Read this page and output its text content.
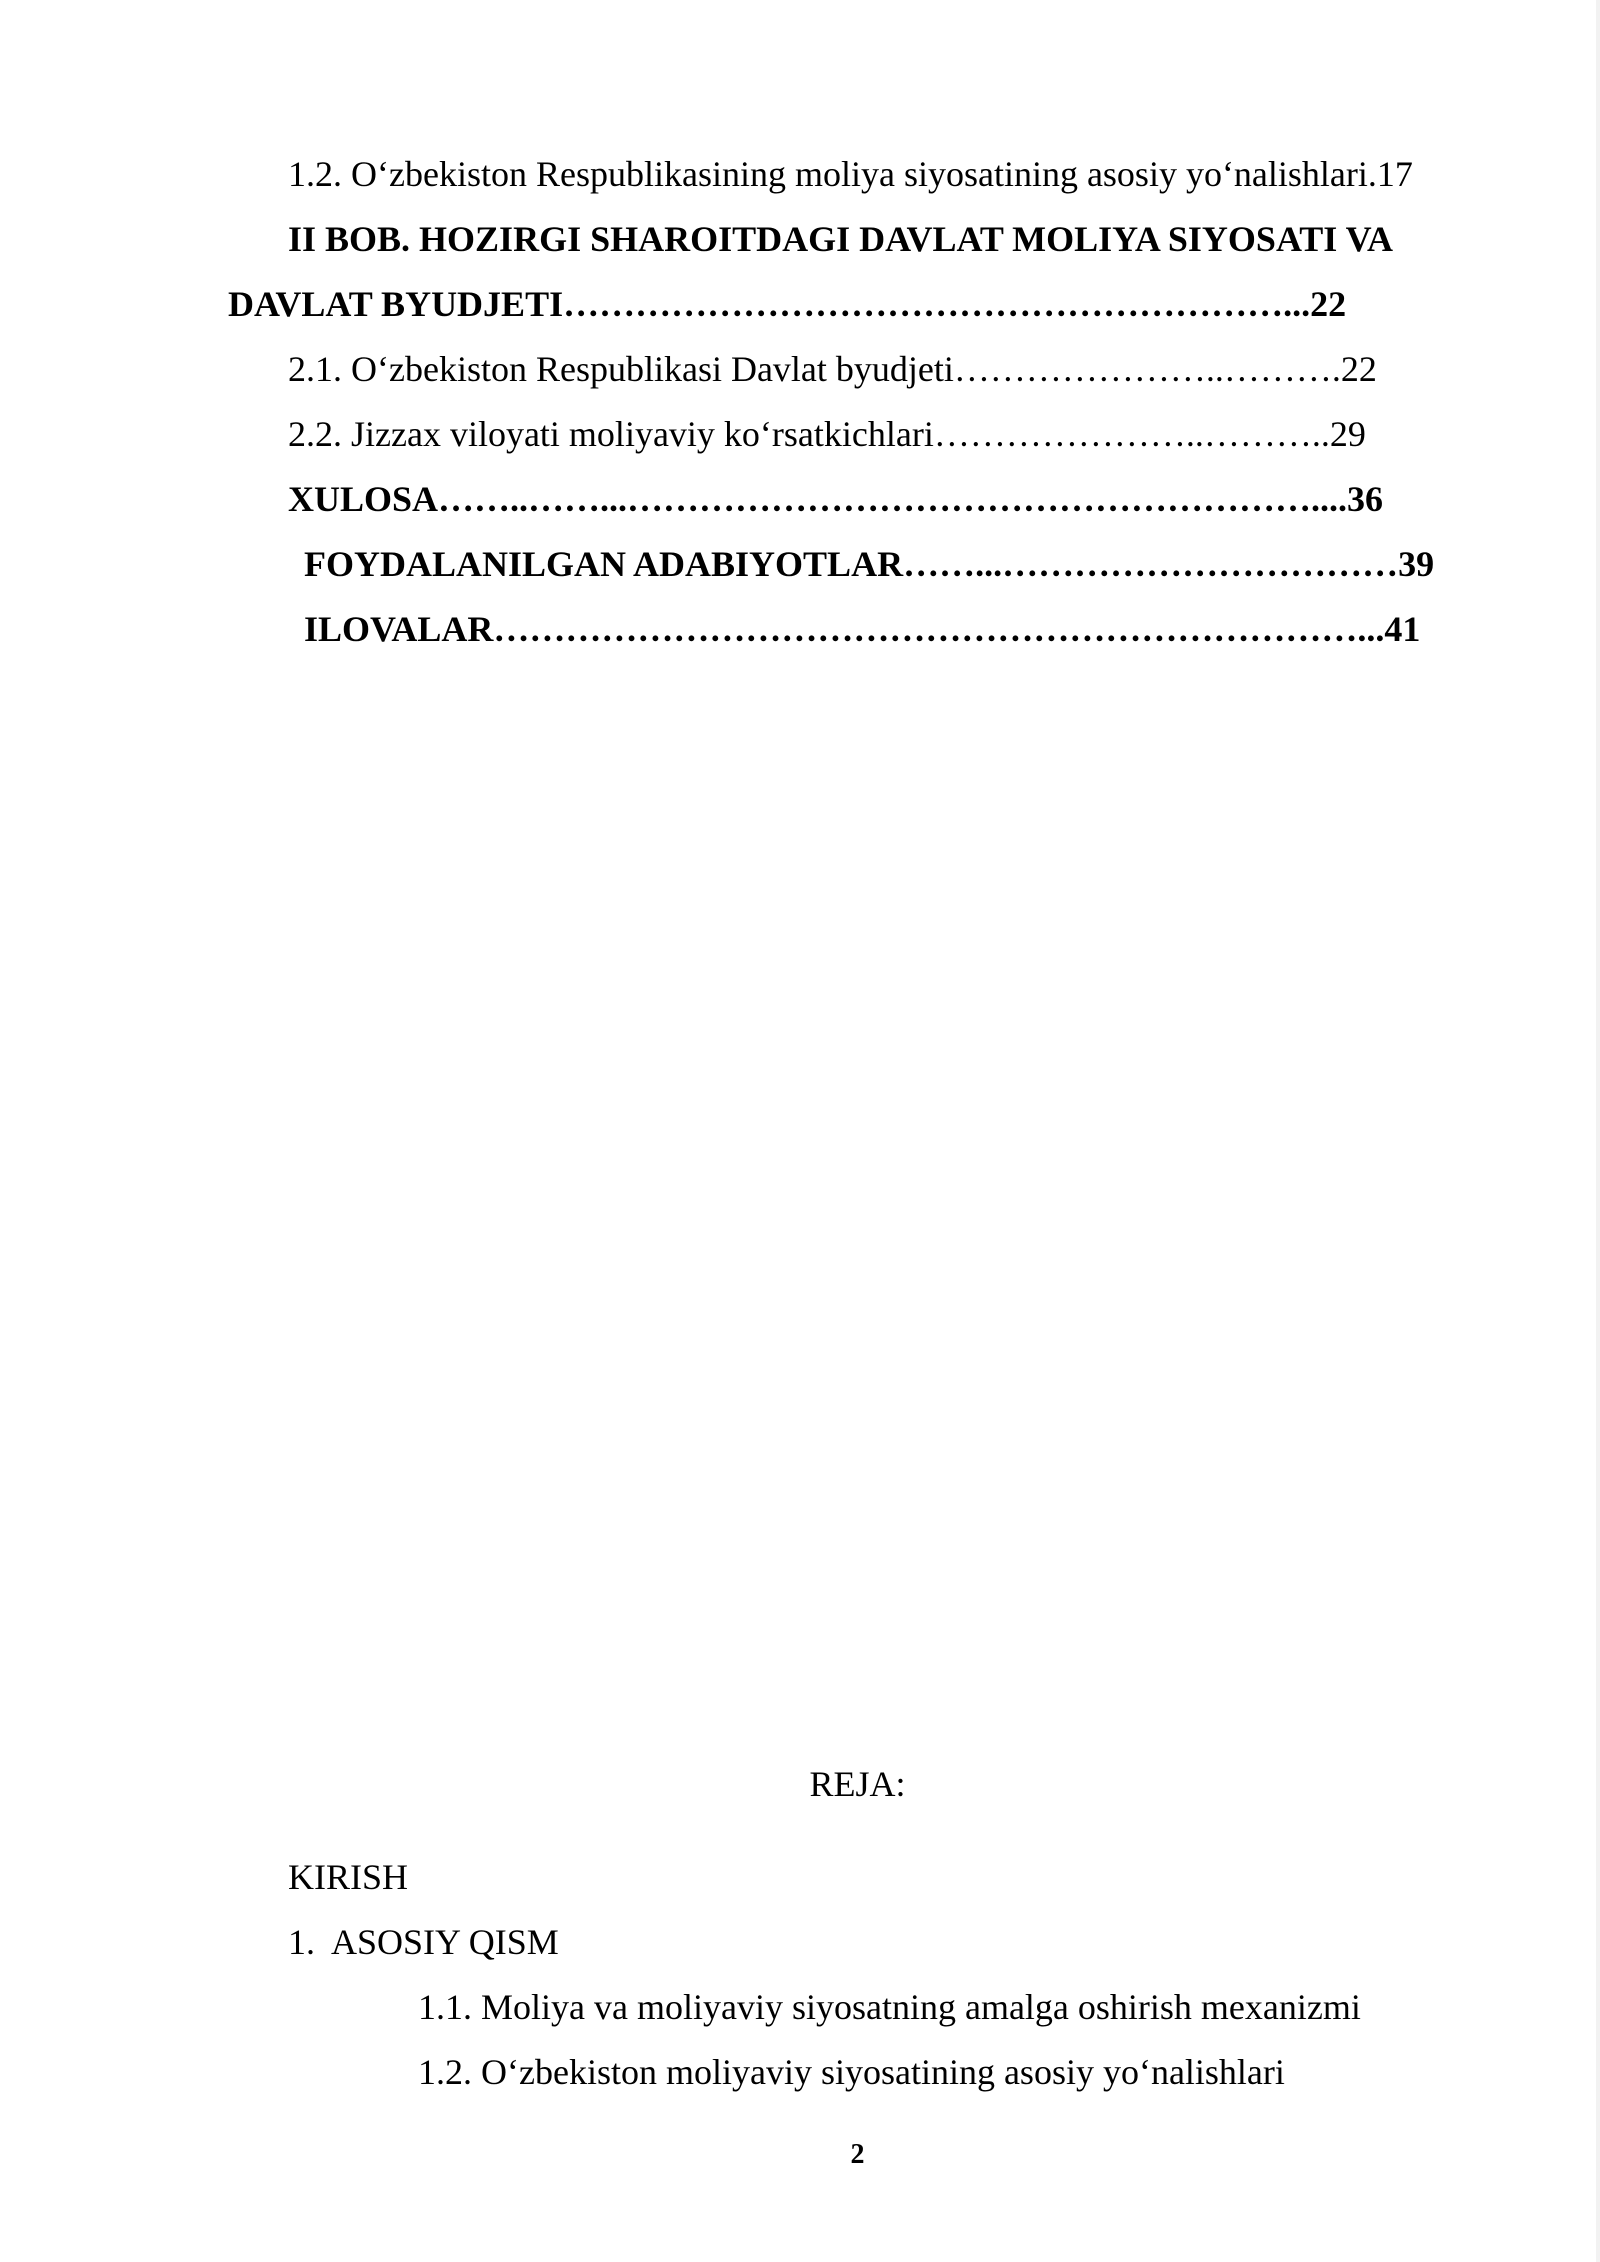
1.2. O‘zbekiston Respublikasining moliya siyosatining asosiy yo‘nalishlari.17
II BOB. HOZIRGI SHAROITDAGI DAVLAT MOLIYA SIYOSATI VA
DAVLAT BYUDJETI……………………………………………………...22
2.1. O‘zbekiston Respublikasi Davlat byudjeti…………………..……….22
2.2. Jizzax viloyati moliyaviy ko‘rsatkichlari…………………..………..29
XULOSA……..……...…………………………………………………....36
FOYDALANILGAN ADABIYOTLAR……...……………………………39
ILOVALAR………………………………………………………………...41
REJA:
KIRISH
1.  ASOSIY QISM
1.1. Moliya va moliyaviy siyosatning amalga oshirish mexanizmi
1.2. O‘zbekiston moliyaviy siyosatining asosiy yo‘nalishlari
2
